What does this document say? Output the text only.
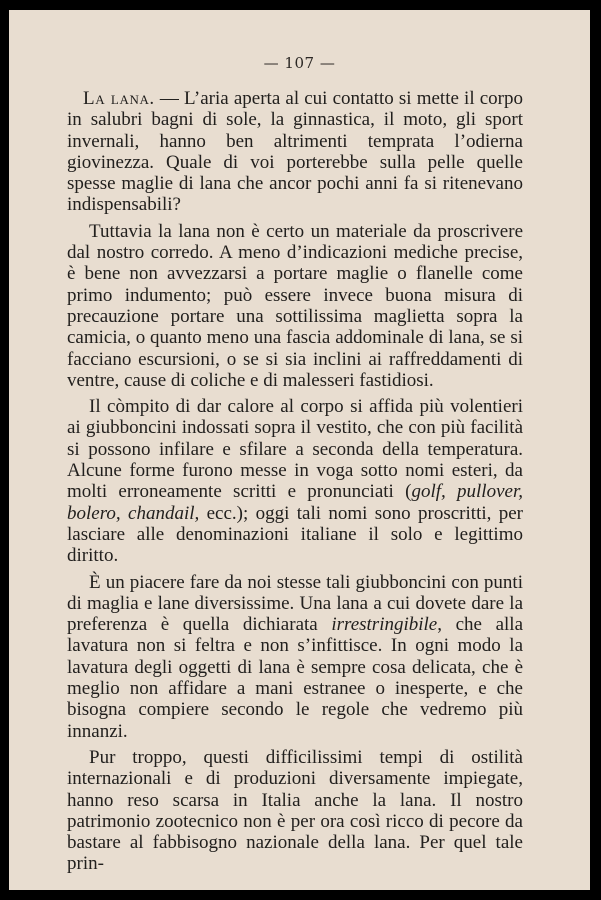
— 107 —

La lana. — L’aria aperta al cui contatto si mette il corpo in salubri bagni di sole, la ginnastica, il moto, gli sport invernali, hanno ben altrimenti temprata l’odierna giovinezza. Quale di voi porterebbe sulla pelle quelle spesse maglie di lana che ancor pochi anni fa si ritenevano indispensabili?

Tuttavia la lana non è certo un materiale da proscrivere dal nostro corredo. A meno d’indicazioni mediche precise, è bene non avvezzarsi a portare maglie o flanelle come primo indumento; può essere invece buona misura di precauzione portare una sottilissima maglietta sopra la camicia, o quanto meno una fascia addominale di lana, se si facciano escursioni, o se si sia inclini ai raffreddamenti di ventre, cause di coliche e di malesseri fastidiosi.

Il còmpito di dar calore al corpo si affida più volentieri ai giubboncini indossati sopra il vestito, che con più facilità si possono infilare e sfilare a seconda della temperatura. Alcune forme furono messe in voga sotto nomi esteri, da molti erroneamente scritti e pronunciati (golf, pullover, bolero, chandail, ecc.); oggi tali nomi sono proscritti, per lasciare alle denominazioni italiane il solo e legittimo diritto.

È un piacere fare da noi stesse tali giubboncini con punti di maglia e lane diversissime. Una lana a cui dovete dare la preferenza è quella dichiarata irrestringibile, che alla lavatura non si feltra e non s’infittisce. In ogni modo la lavatura degli oggetti di lana è sempre cosa delicata, che è meglio non affidare a mani estranee o inesperte, e che bisogna compiere secondo le regole che vedremo più innanzi.

Pur troppo, questi difficilissimi tempi di ostilità internazionali e di produzioni diversamente impiegate, hanno reso scarsa in Italia anche la lana. Il nostro patrimonio zootecnico non è per ora così ricco di pecore da bastare al fabbisogno nazionale della lana. Per quel tale prin-
